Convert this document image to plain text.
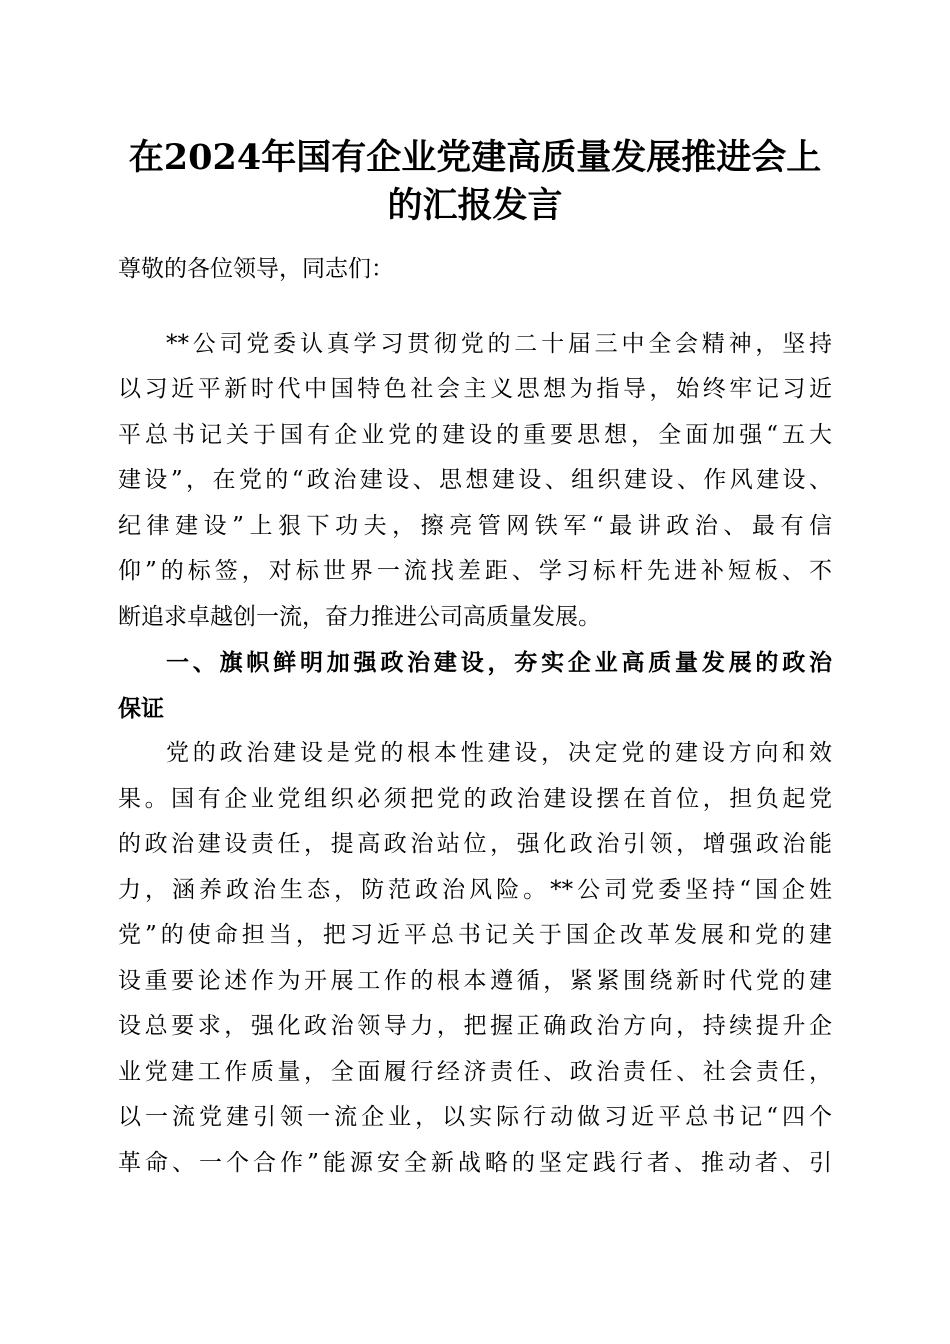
在2024年国有企业党建高质量发展推进会上
的汇报发言
尊敬的各位领导，同志们：
**公司党委认真学习贯彻党的二十届三中全会精神，坚持
以习近平新时代中国特色社会主义思想为指导，始终牢记习近
平总书记关于国有企业党的建设的重要思想，全面加强“五大
建设”，在党的“政治建设、思想建设、组织建设、作风建设、
纪律建设”上狠下功夫，擦亮管网铁军“最讲政治、最有信
仰”的标签，对标世界一流找差距、学习标杆先进补短板、不
断追求卓越创一流，奋力推进公司高质量发展。
一、旗帜鲜明加强政治建设，夯实企业高质量发展的政治
保证
党的政治建设是党的根本性建设，决定党的建设方向和效
果。国有企业党组织必须把党的政治建设摆在首位，担负起党
的政治建设责任，提高政治站位，强化政治引领，增强政治能
力，涵养政治生态，防范政治风险。**公司党委坚持“国企姓
党”的使命担当，把习近平总书记关于国企改革发展和党的建
设重要论述作为开展工作的根本遵循，紧紧围绕新时代党的建
设总要求，强化政治领导力，把握正确政治方向，持续提升企
业党建工作质量，全面履行经济责任、政治责任、社会责任，
以一流党建引领一流企业，以实际行动做习近平总书记“四个
革命、一个合作”能源安全新战略的坚定践行者、推动者、引
